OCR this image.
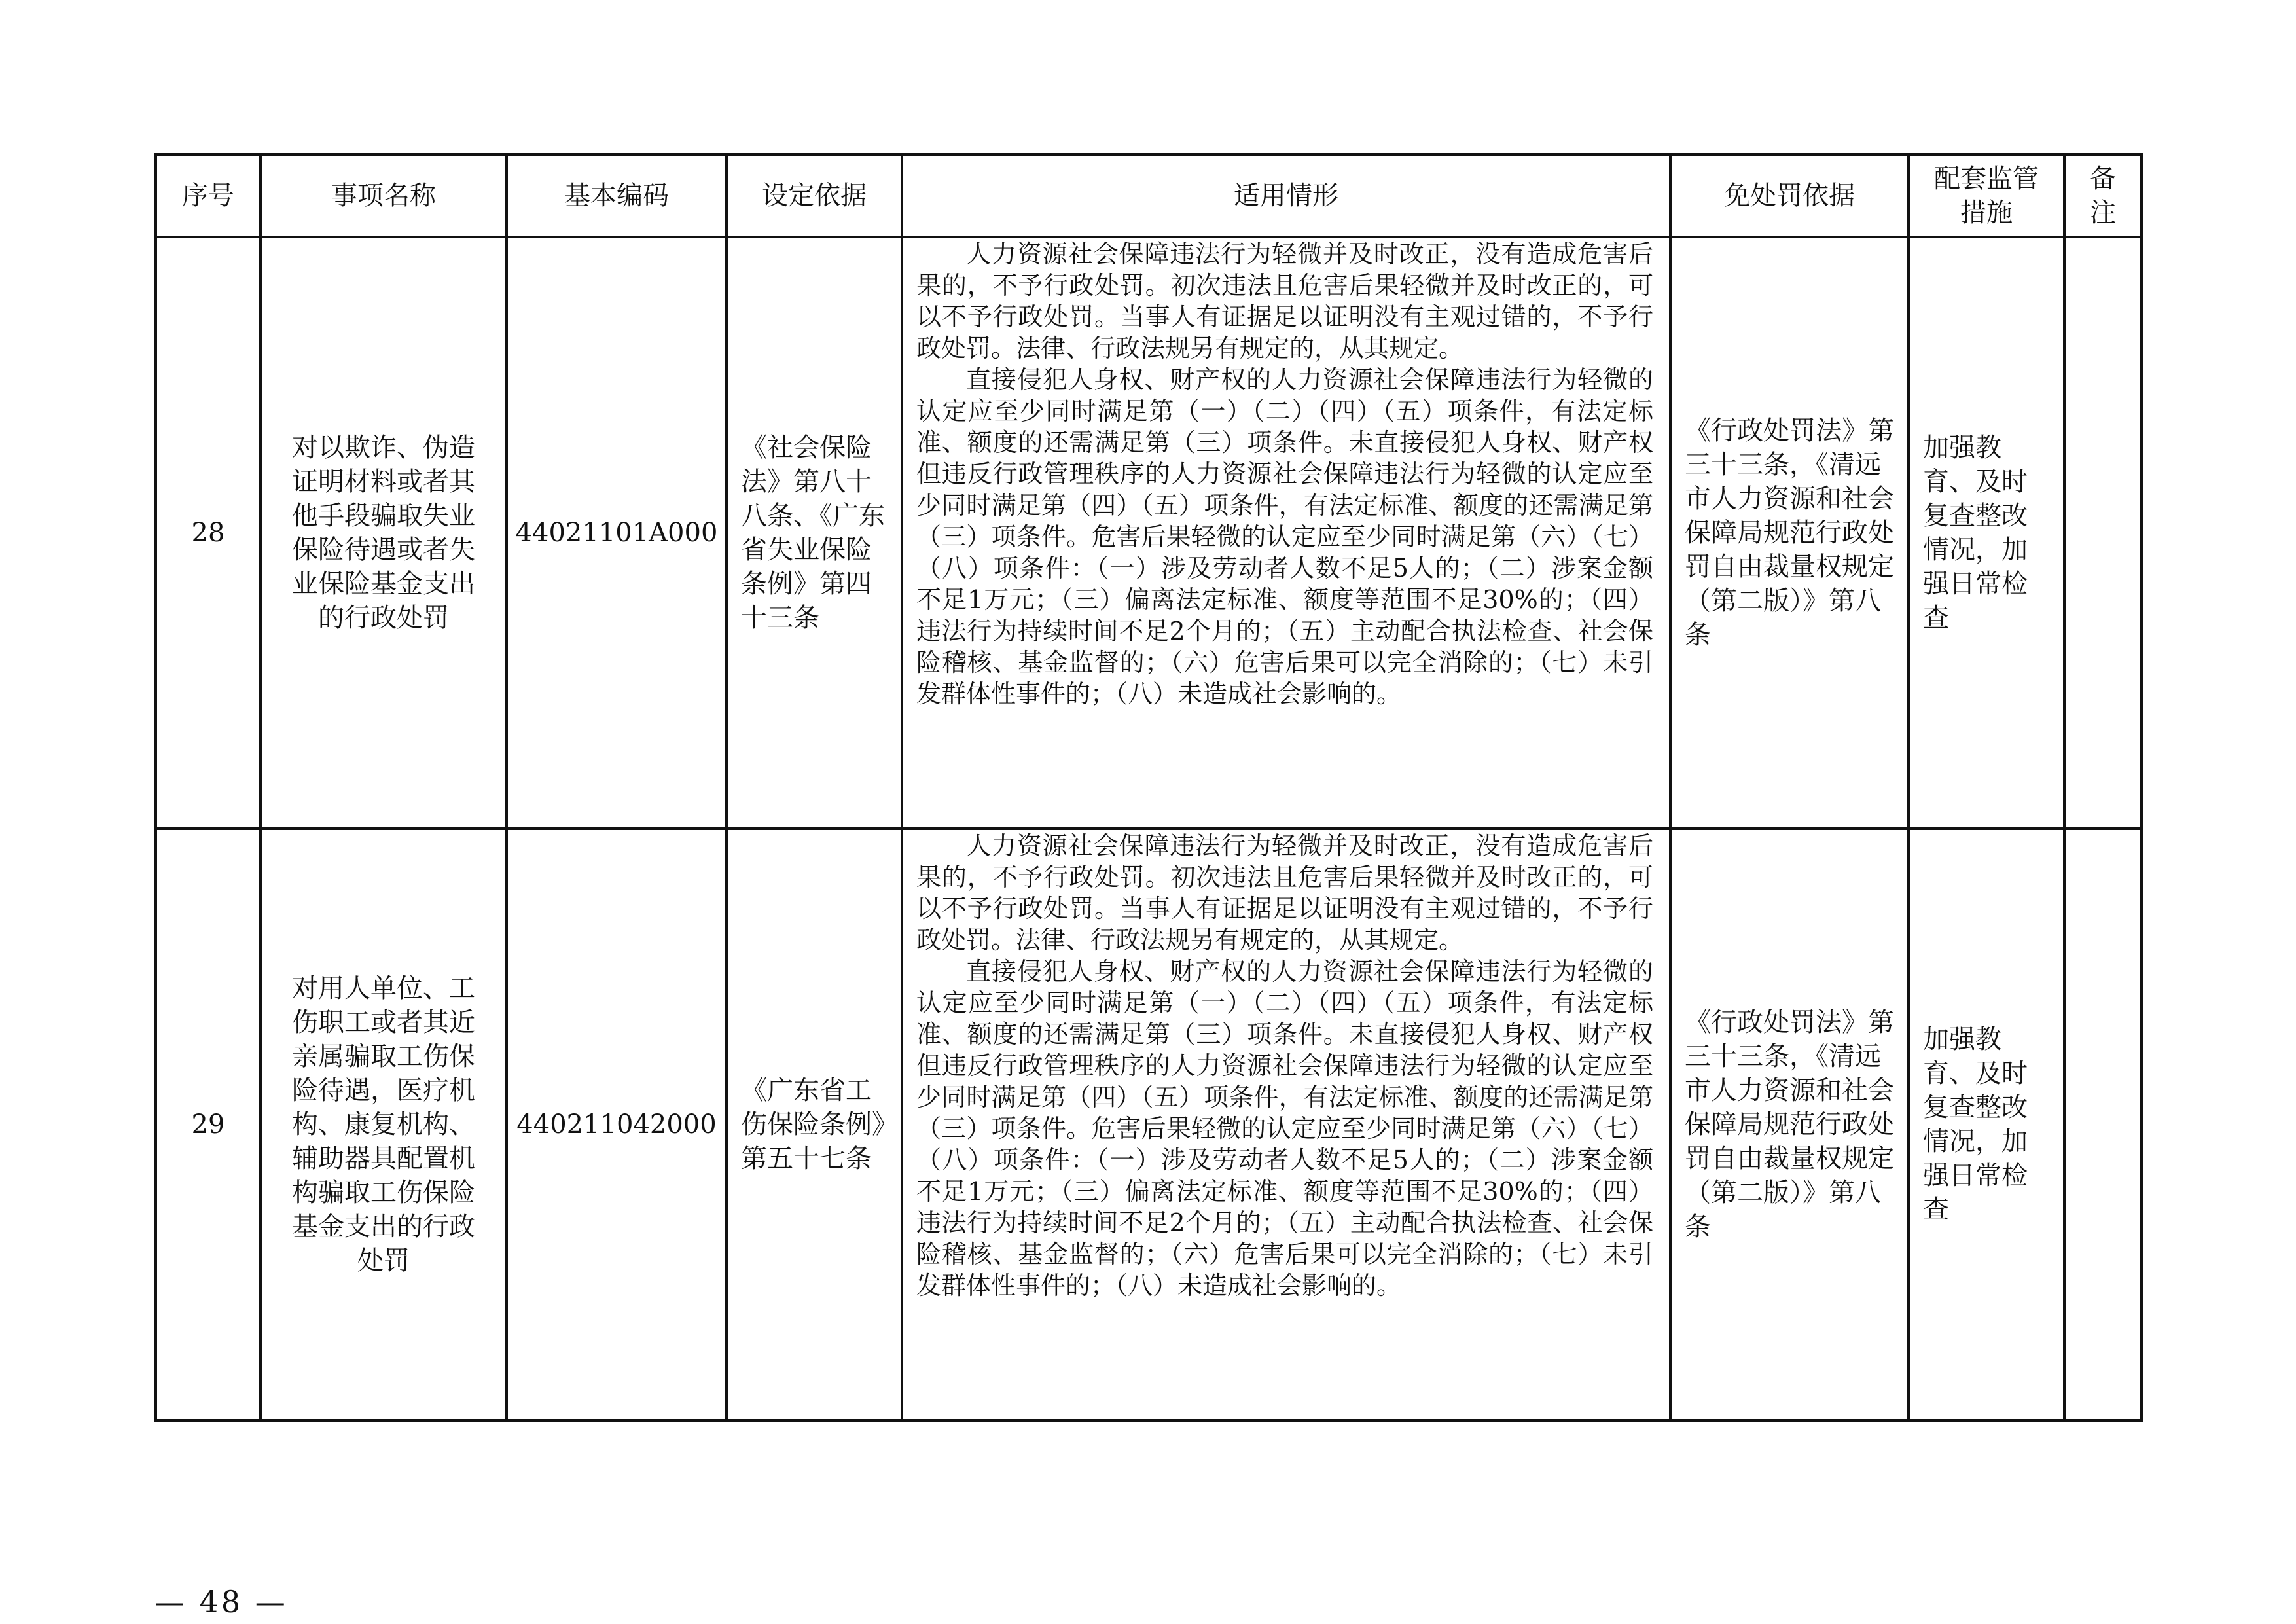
序号	事项名称	基本编码	设定依据	适用情形	免处罚依据	配套监管措施	备注
28	对以欺诈、伪造证明材料或者其他手段骗取失业保险待遇或者失业保险基金支出的行政处罚	44021101A000	《社会保险法》第八十八条、《广东省失业保险条例》第四十三条	人力资源社会保障违法行为轻微并及时改正，没有造成危害后果的，不予行政处罚。初次违法且危害后果轻微并及时改正的，可以不予行政处罚。当事人有证据足以证明没有主观过错的，不予行政处罚。法律、行政法规另有规定的，从其规定。

直接侵犯人身权、财产权的人力资源社会保障违法行为轻微的认定应至少同时满足第（一）（二）（四）（五）项条件，有法定标准、额度的还需满足第（三）项条件。未直接侵犯人身权、财产权但违反行政管理秩序的人力资源社会保障违法行为轻微的认定应至少同时满足第（四）（五）项条件，有法定标准、额度的还需满足第（三）项条件。危害后果轻微的认定应至少同时满足第（六）（七）（八）项条件：（一）涉及劳动者人数不足5人的；（二）涉案金额不足1万元；（三）偏离法定标准、额度等范围不足30%的；（四）违法行为持续时间不足2个月的；（五）主动配合执法检查、社会保险稽核、基金监督的；（六）危害后果可以完全消除的；（七）未引发群体性事件的；（八）未造成社会影响的。	《行政处罚法》第三十三条，《清远市人力资源和社会保障局规范行政处罚自由裁量权规定（第二版）》第八条	加强教育、及时复查整改情况，加强日常检查	
29	对用人单位、工伤职工或者其近亲属骗取工伤保险待遇，医疗机构、康复机构、辅助器具配置机构骗取工伤保险基金支出的行政处罚	440211042000	《广东省工伤保险条例》第五十七条	人力资源社会保障违法行为轻微并及时改正，没有造成危害后果的，不予行政处罚。初次违法且危害后果轻微并及时改正的，可以不予行政处罚。当事人有证据足以证明没有主观过错的，不予行政处罚。法律、行政法规另有规定的，从其规定。

直接侵犯人身权、财产权的人力资源社会保障违法行为轻微的认定应至少同时满足第（一）（二）（四）（五）项条件，有法定标准、额度的还需满足第（三）项条件。未直接侵犯人身权、财产权但违反行政管理秩序的人力资源社会保障违法行为轻微的认定应至少同时满足第（四）（五）项条件，有法定标准、额度的还需满足第（三）项条件。危害后果轻微的认定应至少同时满足第（六）（七）（八）项条件：（一）涉及劳动者人数不足5人的；（二）涉案金额不足1万元；（三）偏离法定标准、额度等范围不足30%的；（四）违法行为持续时间不足2个月的；（五）主动配合执法检查、社会保险稽核、基金监督的；（六）危害后果可以完全消除的；（七）未引发群体性事件的；（八）未造成社会影响的。	《行政处罚法》第三十三条，《清远市人力资源和社会保障局规范行政处罚自由裁量权规定（第二版）》第八条	加强教育、及时复查整改情况，加强日常检查	
— 48 —
